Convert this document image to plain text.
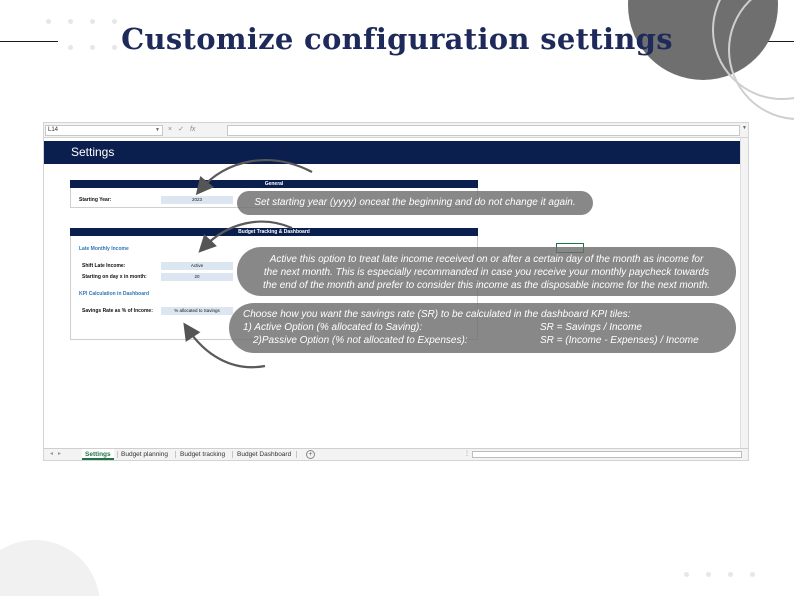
Customize configuration settings
L14	▼ ×✓fx	▼
Settings
General
Starting Year:	2023
Budget Tracking & Dashboard
Late Monthly Income
Shift Late Income:	Active
Starting on day x in month:	20
KPI Calculation in Dashboard
Savings Rate as % of Income:	% allocated to Savings
◂▸	Settings	Budget planning	Budget tracking	Budget Dashboard	+	⋮
Set starting year (yyyy) onceat the beginning and do not change it again.
Active this option to treat late income received on or after a certain day of the month as income for
the next month. This is especially recommanded in case you receive your monthly paycheck towards
the end of the month and prefer to consider this income as the disposable income for the next month.
Choose how you want the savings rate (SR) to be calculated in the dashboard KPI tiles:
1) Active Option (% allocated to Saving):	SR = Savings / Income
2)Passive Option (% not allocated to Expenses):	SR = (Income - Expenses) / Income
